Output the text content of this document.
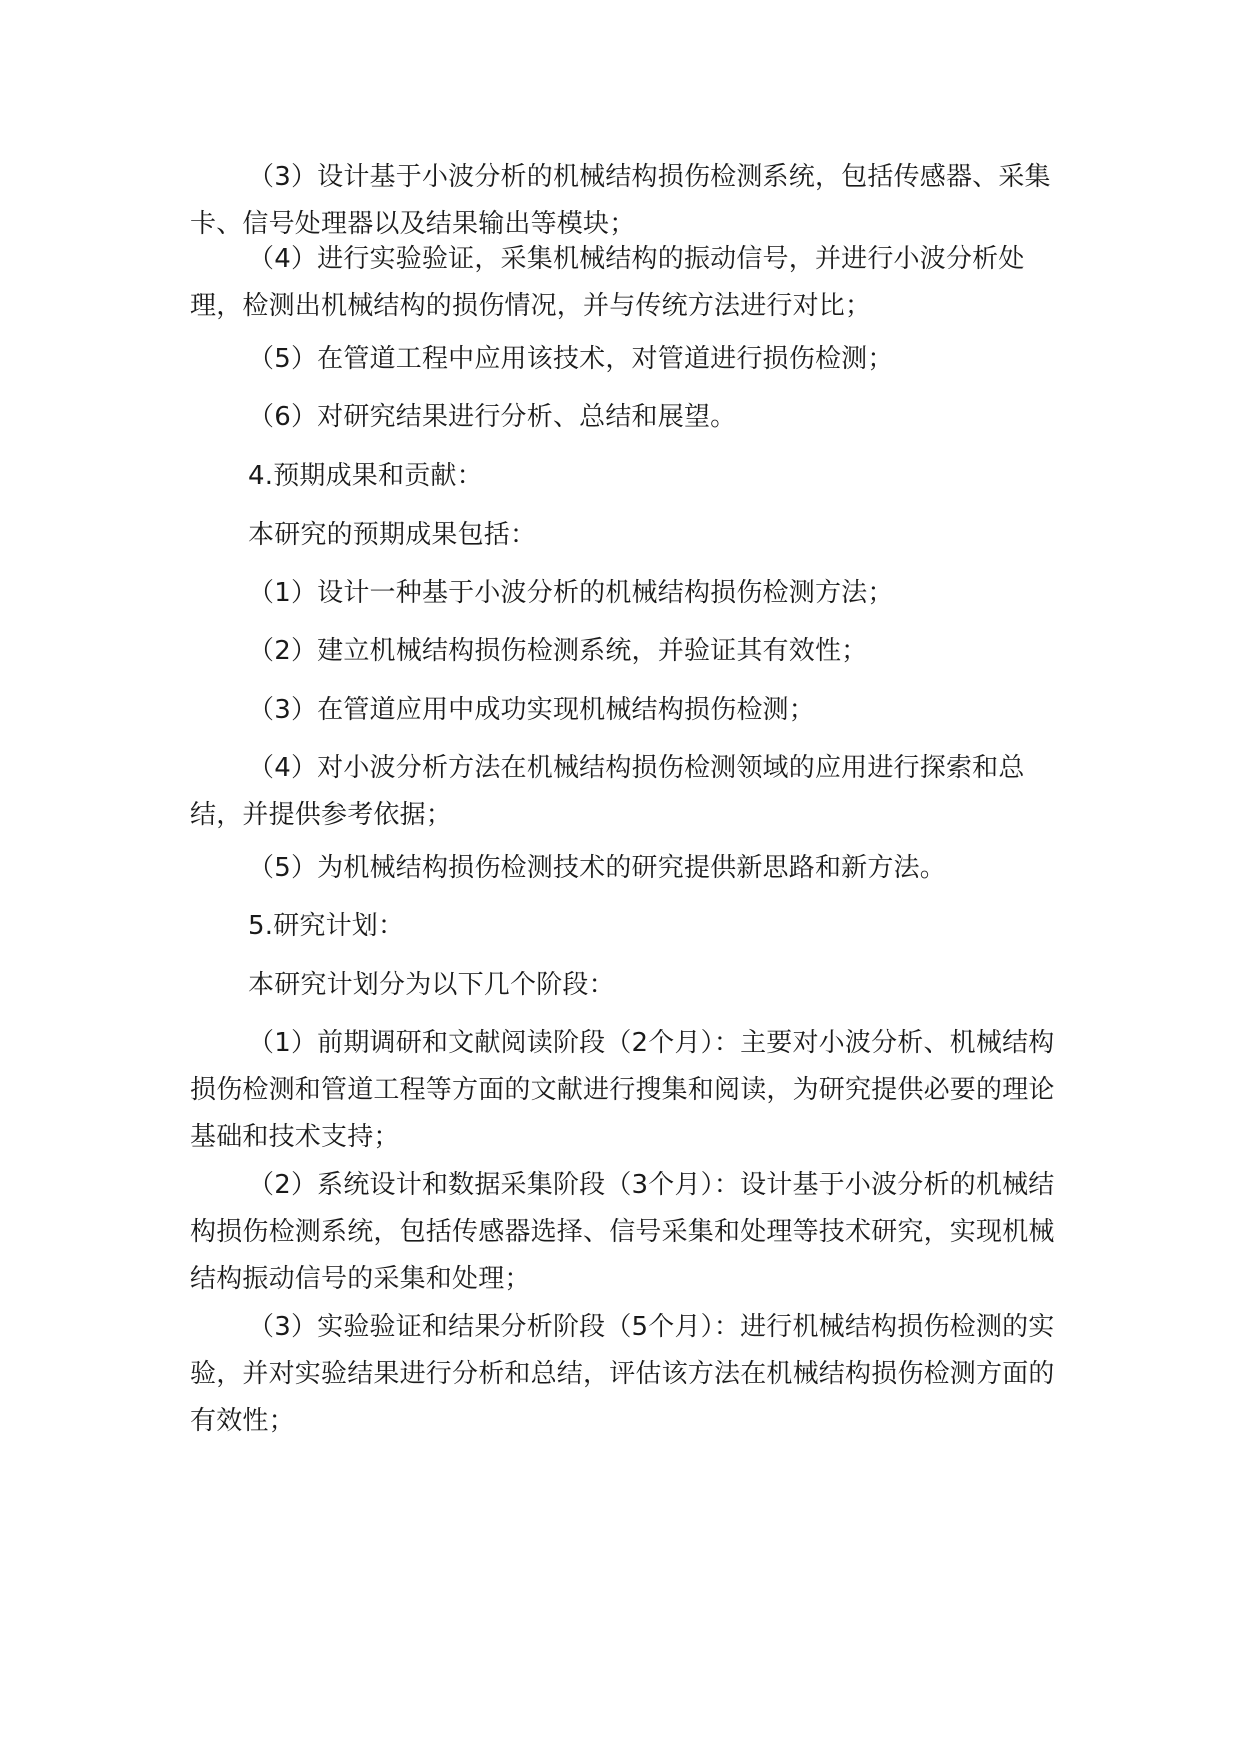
（3）设计基于小波分析的机械结构损伤检测系统，包括传感器、采集卡、信号处理器以及结果输出等模块；

（4）进行实验验证，采集机械结构的振动信号，并进行小波分析处理，检测出机械结构的损伤情况，并与传统方法进行对比；

（5）在管道工程中应用该技术，对管道进行损伤检测；

（6）对研究结果进行分析、总结和展望。

4.预期成果和贡献：

本研究的预期成果包括：

（1）设计一种基于小波分析的机械结构损伤检测方法；

（2）建立机械结构损伤检测系统，并验证其有效性；

（3）在管道应用中成功实现机械结构损伤检测；

（4）对小波分析方法在机械结构损伤检测领域的应用进行探索和总结，并提供参考依据；

（5）为机械结构损伤检测技术的研究提供新思路和新方法。

5.研究计划：

本研究计划分为以下几个阶段：

（1）前期调研和文献阅读阶段（2个月）：主要对小波分析、机械结构损伤检测和管道工程等方面的文献进行搜集和阅读，为研究提供必要的理论基础和技术支持；

（2）系统设计和数据采集阶段（3个月）：设计基于小波分析的机械结构损伤检测系统，包括传感器选择、信号采集和处理等技术研究，实现机械结构振动信号的采集和处理；

（3）实验验证和结果分析阶段（5个月）：进行机械结构损伤检测的实验，并对实验结果进行分析和总结，评估该方法在机械结构损伤检测方面的有效性；
